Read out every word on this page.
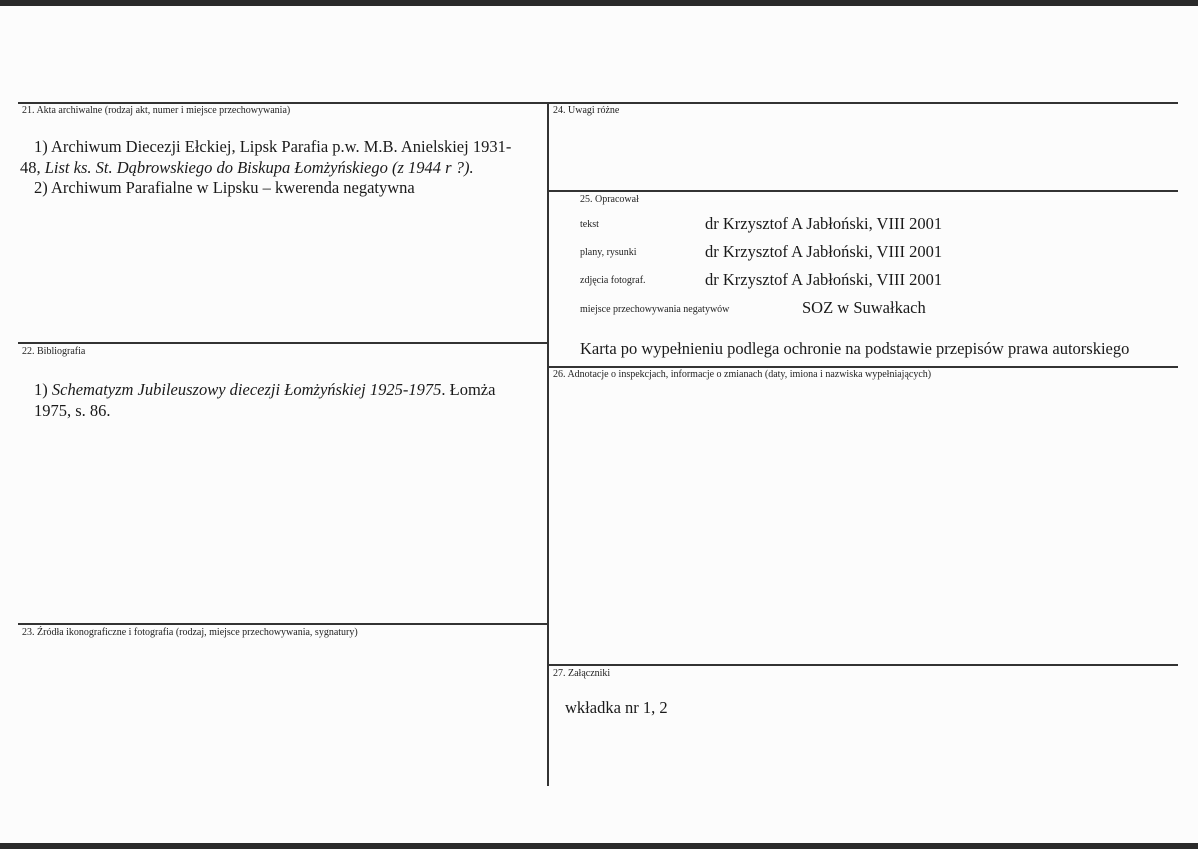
21. Akta archiwalne (rodzaj akt, numer i miejsce przechowywania)
1) Archiwum Diecezji Ełckiej, Lipsk Parafia p.w. M.B. Anielskiej 1931-
48, List ks. St. Dąbrowskiego do Biskupa Łomżyńskiego (z 1944 r ?).
2) Archiwum Parafialne w Lipsku – kwerenda negatywna
22. Bibliografia
1) Schematyzm Jubileuszowy diecezji Łomżyńskiej 1925-1975. Łomża
1975, s. 86.
23. Źródła ikonograficzne i fotografia (rodzaj, miejsce przechowywania, sygnatury)
24. Uwagi różne
25. Opracował
tekst	dr Krzysztof A Jabłoński, VIII 2001
plany, rysunki	dr Krzysztof A Jabłoński, VIII 2001
zdjęcia fotograf.	dr Krzysztof A Jabłoński, VIII 2001
miejsce przechowywania negatywów	SOZ w Suwałkach
Karta po wypełnieniu podlega ochronie na podstawie przepisów prawa autorskiego
26. Adnotacje o inspekcjach, informacje o zmianach (daty, imiona i nazwiska wypełniających)
27. Załączniki
wkładka nr 1, 2
